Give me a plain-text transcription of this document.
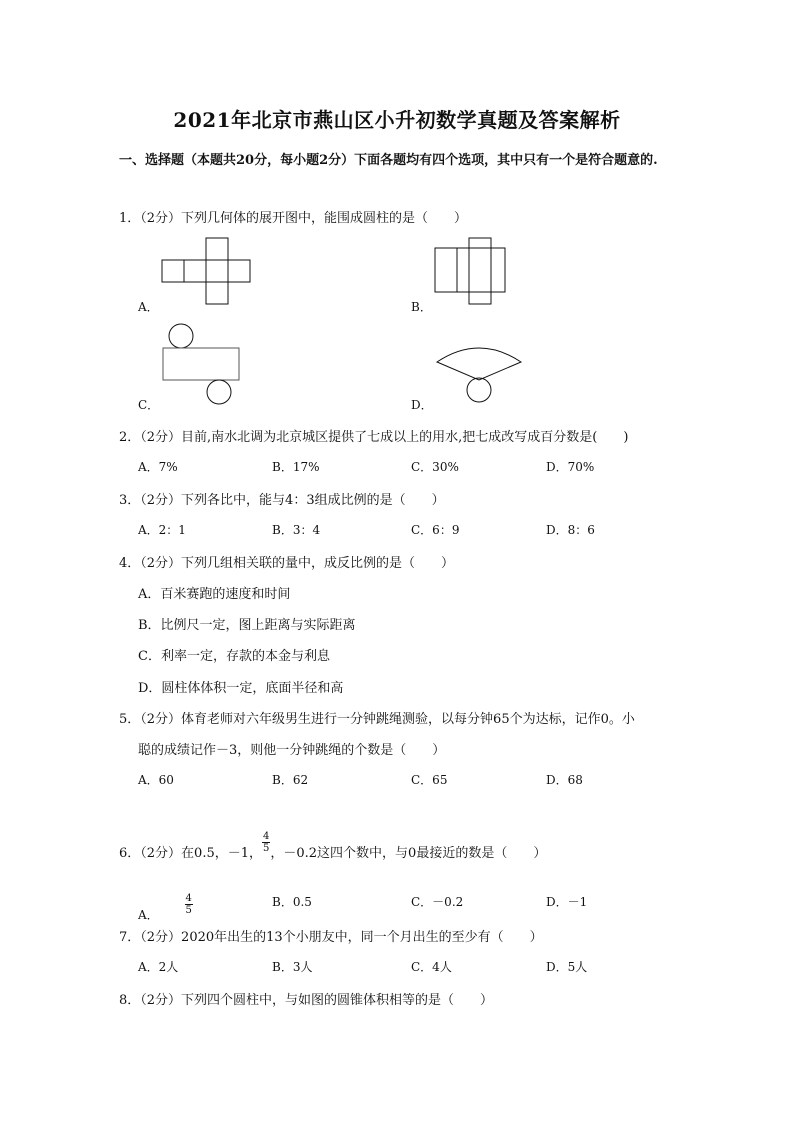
2021年北京市燕山区小升初数学真题及答案解析
一、选择题（本题共20分，每小题2分）下面各题均有四个选项，其中只有一个是符合题意的.
1．（2分）下列几何体的展开图中，能围成圆柱的是（　　）
A．	B．
C．	D．
2．（2分）目前,南水北调为北京城区提供了七成以上的用水,把七成改写成百分数是(　　)
A．7%	B．17%	C．30%	D．70%
3．（2分）下列各比中，能与4：3组成比例的是（　　）
A．2：1	B．3：4	C．6：9	D．8：6
4．（2分）下列几组相关联的量中，成反比例的是（　　）
A．百米赛跑的速度和时间
B．比例尺一定，图上距离与实际距离
C．利率一定，存款的本金与利息
D．圆柱体体积一定，底面半径和高
5．（2分）体育老师对六年级男生进行一分钟跳绳测验，以每分钟65个为达标，记作0。小
聪的成绩记作－3，则他一分钟跳绳的个数是（　　）
A．60	B．62	C．65	D．68
6．（2分）在0.5，－1， $\frac{4}{5}$ ，－0.2这四个数中，与0最接近的数是（　　）
A．	$\frac{4}{5}$	B．0.5	C．－0.2	D．－1
7．（2分）2020年出生的13个小朋友中，同一个月出生的至少有（　　）
A．2人	B．3人	C．4人	D．5人
8．（2分）下列四个圆柱中，与如图的圆锥体积相等的是（　　）
